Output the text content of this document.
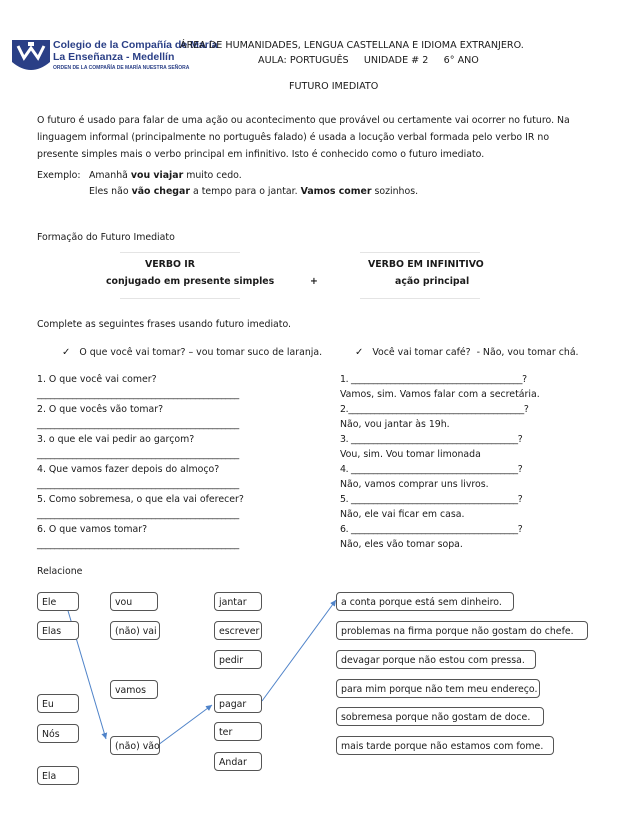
Colegio de la Compañía de María
La Enseñanza - Medellín
ORDEN DE LA COMPAÑÍA DE MARÍA NUESTRA SEÑORA
ÁREA DE HUMANIDADES, LENGUA CASTELLANA E IDIOMA EXTRANJERO.
AULA: PORTUGUÊS     UNIDADE # 2     6° ANO
FUTURO IMEDIATO
O futuro é usado para falar de uma ação ou acontecimento que provável ou certamente vai ocorrer no futuro. Na
linguagem informal (principalmente no português falado) é usada a locução verbal formada pelo verbo IR no
presente simples mais o verbo principal em infinitivo. Isto é conhecido como o futuro imediato.
Exemplo: Amanhã vou viajar muito cedo.
Eles não vão chegar a tempo para o jantar. Vamos comer sozinhos.
Formação do Futuro Imediato
VERBO IR
conjugado em presente simples	+
VERBO EM INFINITIVO
ação principal
Complete as seguintes frases usando futuro imediato.
✓ O que você vai tomar? – vou tomar suco de laranja.	✓ Você vai tomar café?  - Não, vou tomar chá.
1. O que você vai comer?
______________________________________________
2. O que vocês vão tomar?
______________________________________________
3. o que ele vai pedir ao garçom?
______________________________________________
4. Que vamos fazer depois do almoço?
______________________________________________
5. Como sobremesa, o que ela vai oferecer?
______________________________________________
6. O que vamos tomar?
______________________________________________
1. _______________________________________?
Vamos, sim. Vamos falar com a secretária.
2.________________________________________?
Não, vou jantar às 19h.
3. ______________________________________?
Vou, sim. Vou tomar limonada
4. ______________________________________?
Não, vamos comprar uns livros.
5. ______________________________________?
Não, ele vai ficar em casa.
6. ______________________________________?
Não, eles vão tomar sopa.
Relacione
Ele
Elas
Eu
Nós
Ela
vou
(não) vai
vamos
(não) vão
jantar
escrever
pedir
pagar
ter
Andar
a conta porque está sem dinheiro.
problemas na firma porque não gostam do chefe.
devagar porque não estou com pressa.
para mim porque não tem meu endereço.
sobremesa porque não gostam de doce.
mais tarde porque não estamos com fome.
